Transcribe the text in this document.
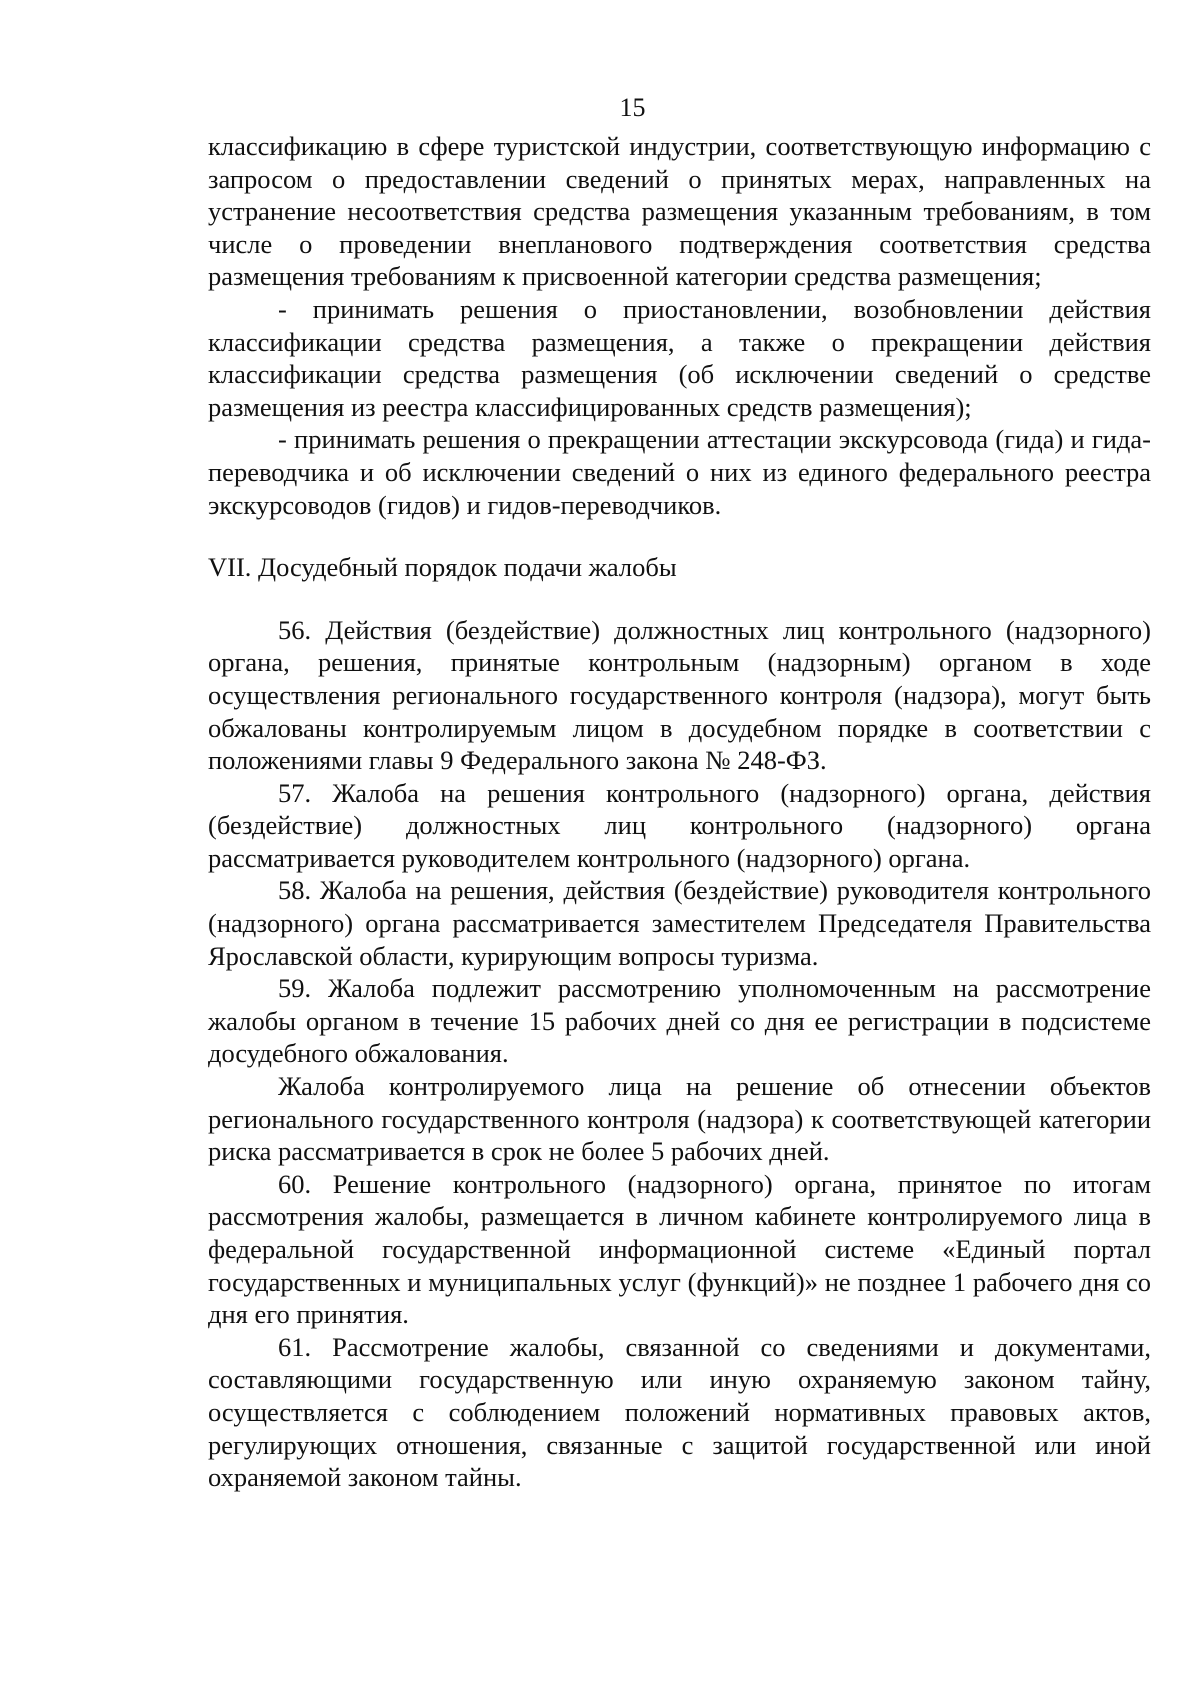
15

классификацию в сфере туристской индустрии, соответствующую информацию с запросом о предоставлении сведений о принятых мерах, направленных на устранение несоответствия средства размещения указанным требованиям, в том числе о проведении внепланового подтверждения соответствия средства размещения требованиям к присвоенной категории средства размещения;

- принимать решения о приостановлении, возобновлении действия классификации средства размещения, а также о прекращении действия классификации средства размещения (об исключении сведений о средстве размещения из реестра классифицированных средств размещения);

- принимать решения о прекращении аттестации экскурсовода (гида) и гида-переводчика и об исключении сведений о них из единого федерального реестра экскурсоводов (гидов) и гидов-переводчиков.

VII. Досудебный порядок подачи жалобы

56. Действия (бездействие) должностных лиц контрольного (надзорного) органа, решения, принятые контрольным (надзорным) органом в ходе осуществления регионального государственного контроля (надзора), могут быть обжалованы контролируемым лицом в досудебном порядке в соответствии с положениями главы 9 Федерального закона № 248-ФЗ.

57. Жалоба на решения контрольного (надзорного) органа, действия (бездействие) должностных лиц контрольного (надзорного) органа рассматривается руководителем контрольного (надзорного) органа.

58. Жалоба на решения, действия (бездействие) руководителя контрольного (надзорного) органа рассматривается заместителем Председателя Правительства Ярославской области, курирующим вопросы туризма.

59. Жалоба подлежит рассмотрению уполномоченным на рассмотрение жалобы органом в течение 15 рабочих дней со дня ее регистрации в подсистеме досудебного обжалования.

Жалоба контролируемого лица на решение об отнесении объектов регионального государственного контроля (надзора) к соответствующей категории риска рассматривается в срок не более 5 рабочих дней.

60. Решение контрольного (надзорного) органа, принятое по итогам рассмотрения жалобы, размещается в личном кабинете контролируемого лица в федеральной государственной информационной системе «Единый портал государственных и муниципальных услуг (функций)» не позднее 1 рабочего дня со дня его принятия.

61. Рассмотрение жалобы, связанной со сведениями и документами, составляющими государственную или иную охраняемую законом тайну, осуществляется с соблюдением положений нормативных правовых актов, регулирующих отношения, связанные с защитой государственной или иной охраняемой законом тайны.
